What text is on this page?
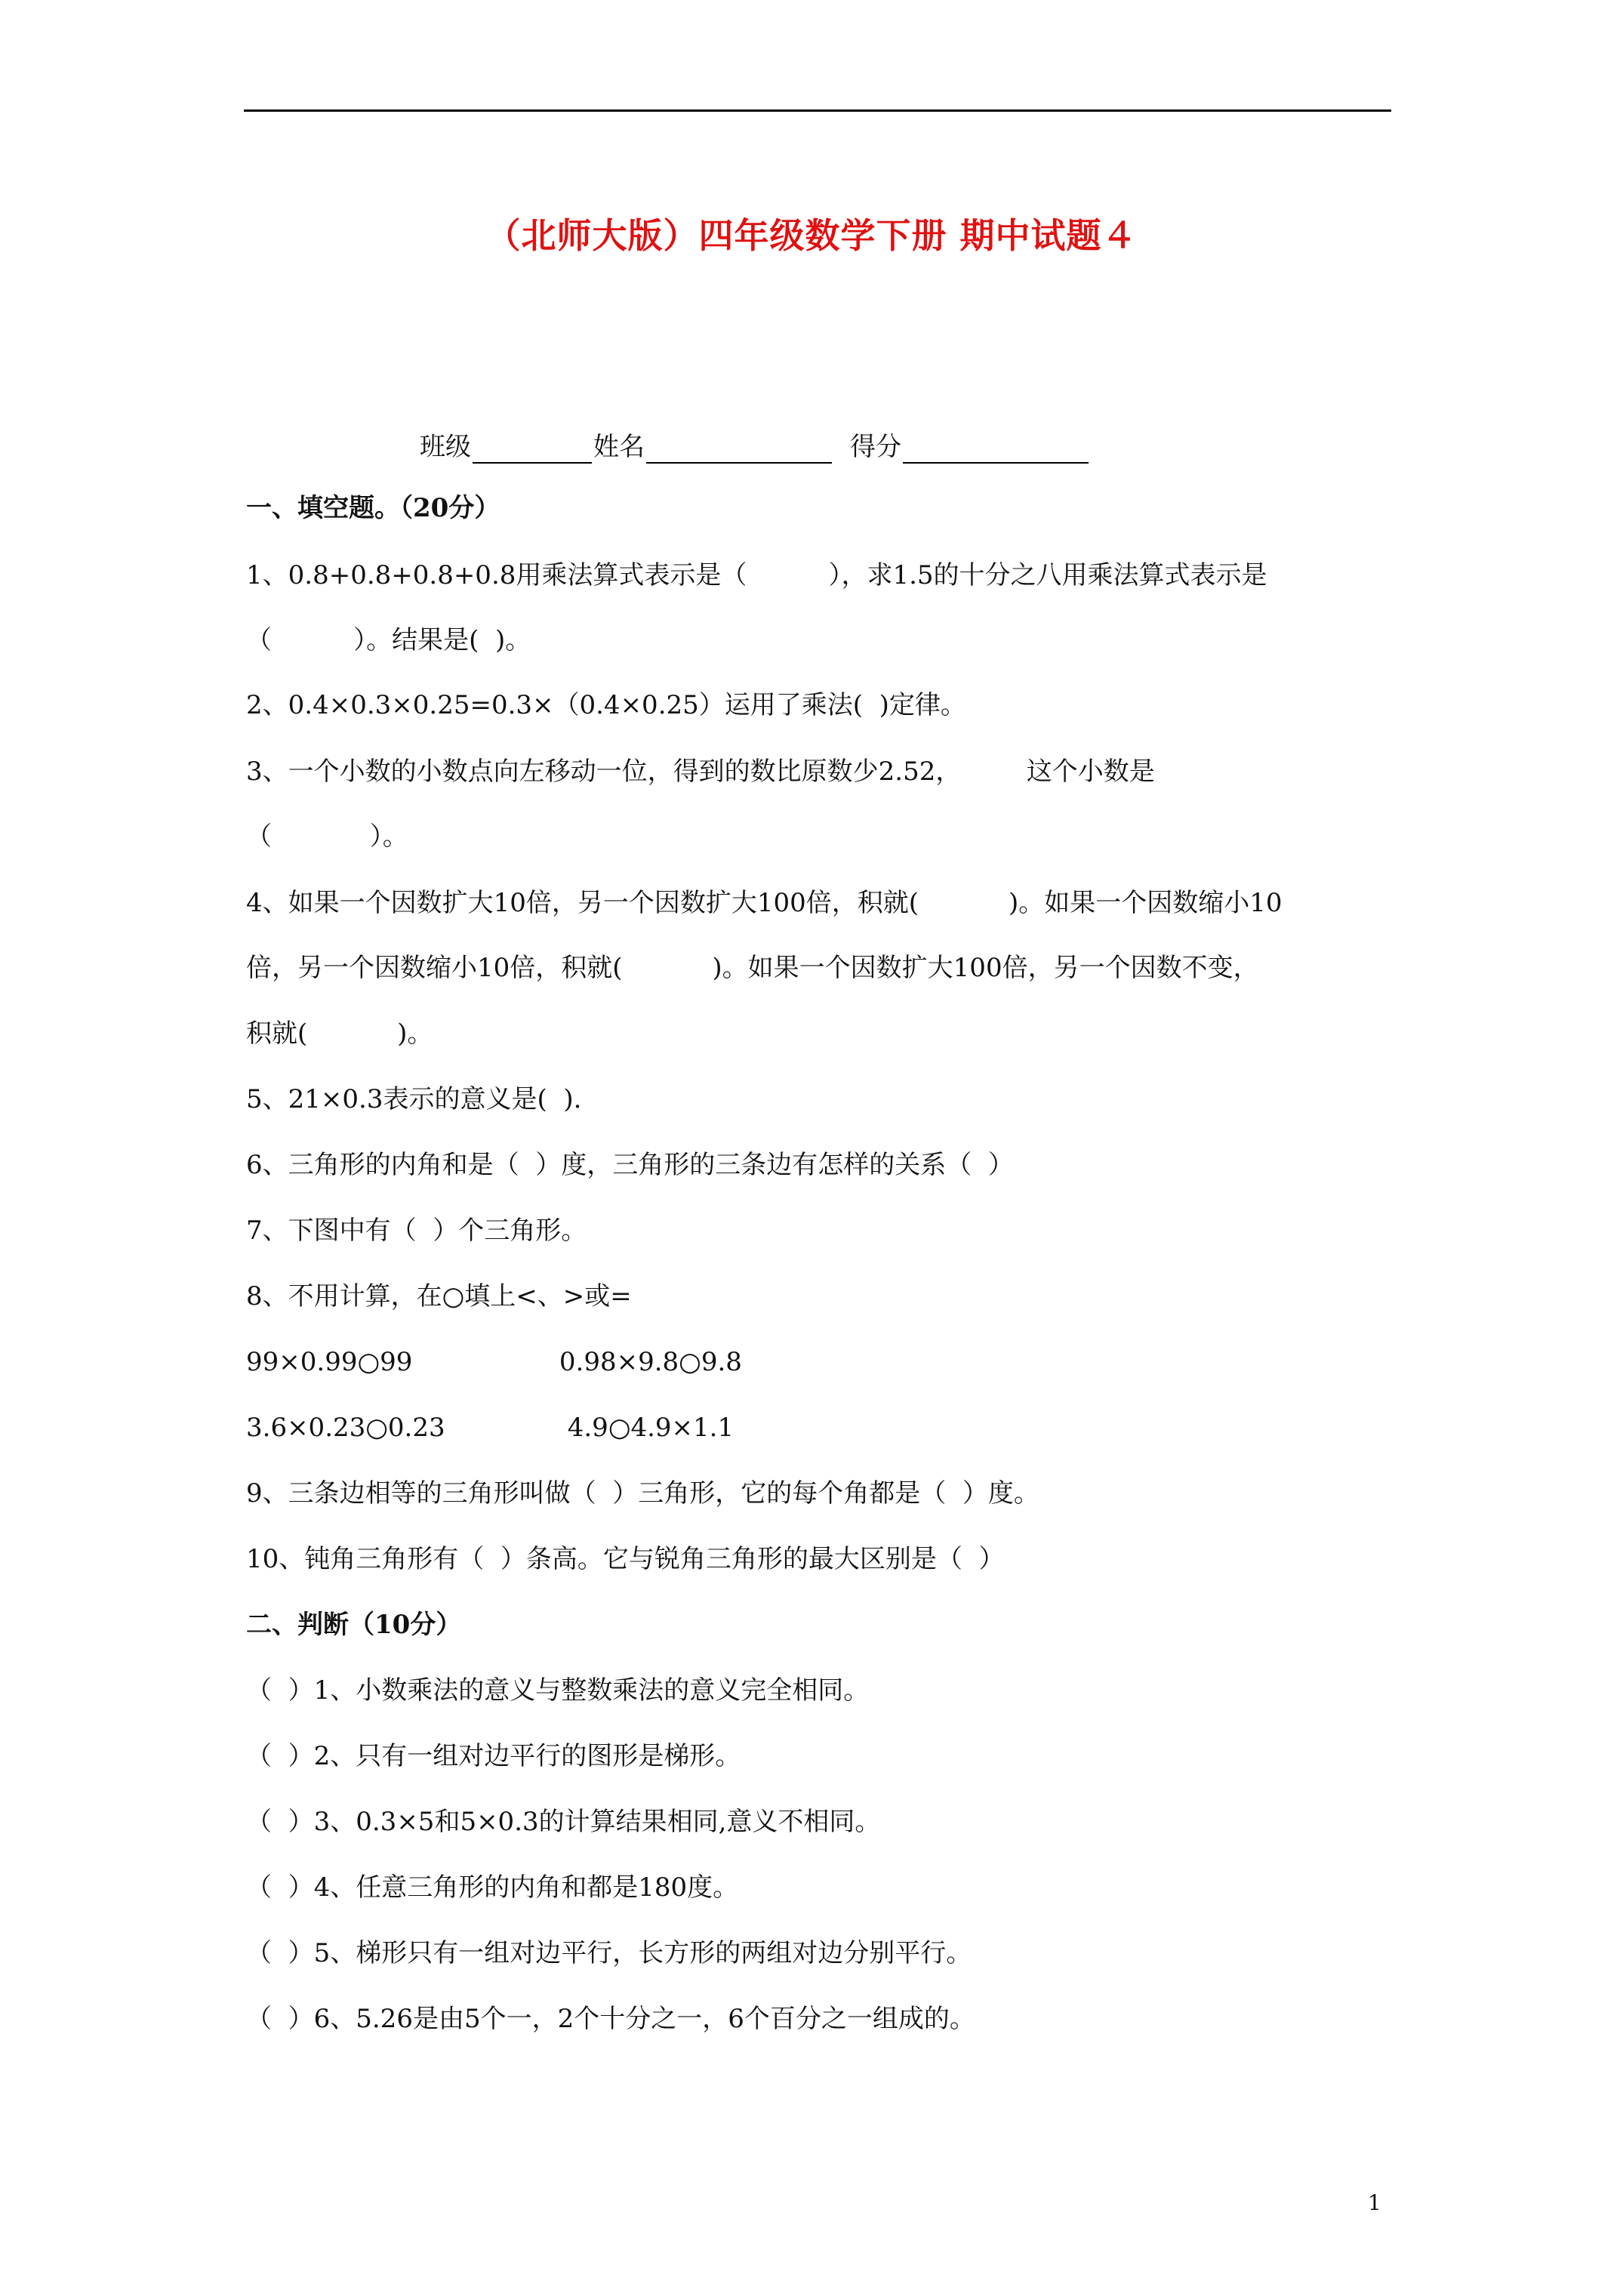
（北师大版）四年级数学下册 期中试题４
班级	姓名	得分
一、填空题。（20分）
1、0.8+0.8+0.8+0.8用乘法算式表示是（          ），求1.5的十分之八用乘法算式表示是
（          ）。结果是(  )。
2、0.4×0.3×0.25=0.3×（0.4×0.25）运用了乘法(  )定律。
3、一个小数的小数点向左移动一位，得到的数比原数少2.52，        这个小数是
（            ）。
4、如果一个因数扩大10倍，另一个因数扩大100倍，积就(           )。如果一个因数缩小10
倍，另一个因数缩小10倍，积就(           )。如果一个因数扩大100倍，另一个因数不变，
积就(           )。
5、21×0.3表示的意义是(  ).
6、三角形的内角和是（  ）度，三角形的三条边有怎样的关系（  ）
7、下图中有（  ）个三角形。
8、不用计算，在○填上<、>或=
99×0.99○99                  0.98×9.8○9.8
3.6×0.23○0.23               4.9○4.9×1.1
9、三条边相等的三角形叫做（  ）三角形，它的每个角都是（  ）度。
10、钝角三角形有（  ）条高。它与锐角三角形的最大区别是（  ）
二、判断（10分）
（  ）1、小数乘法的意义与整数乘法的意义完全相同。
（  ）2、只有一组对边平行的图形是梯形。
（  ）3、0.3×5和5×0.3的计算结果相同,意义不相同。
（  ）4、任意三角形的内角和都是180度。
（  ）5、梯形只有一组对边平行，长方形的两组对边分别平行。
（  ）6、5.26是由5个一，2个十分之一，6个百分之一组成的。
1
